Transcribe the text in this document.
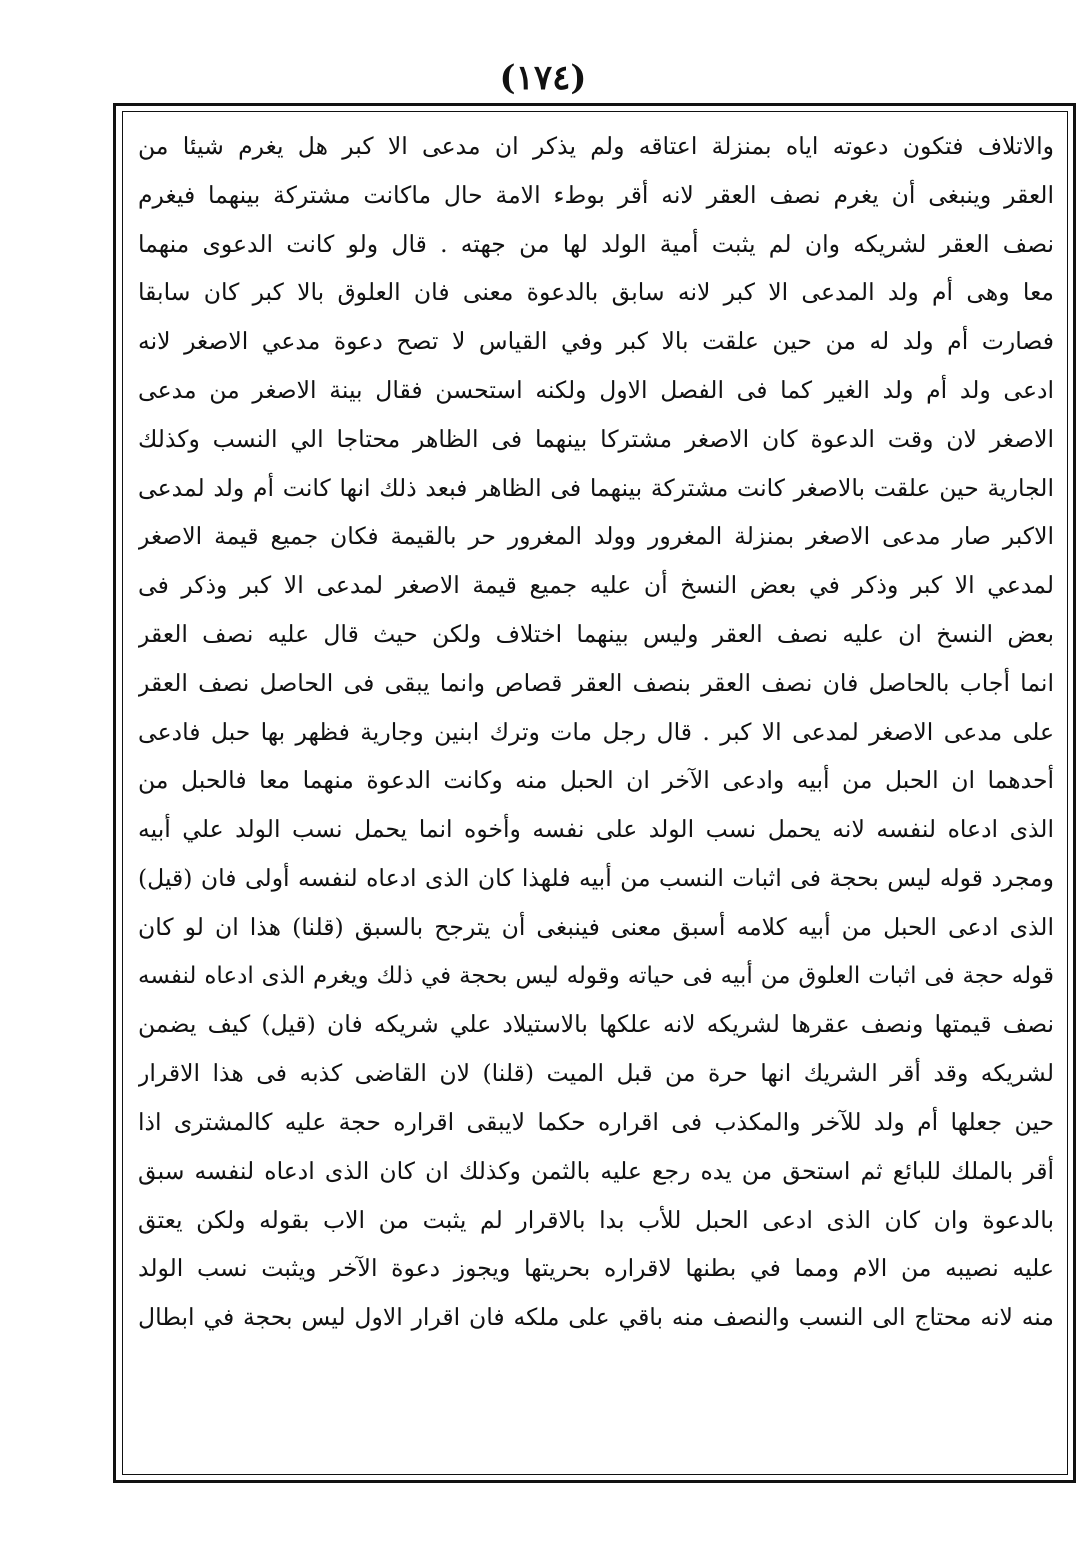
(١٧٤)
والاتلاف فتكون دعوته اياه بمنزلة اعتاقه ولم يذكر ان مدعى الا كبر هل يغرم شيئا من
العقر وينبغى أن يغرم نصف العقر لانه أقر بوطء الامة حال ماكانت مشتركة بينهما فيغرم
نصف العقر لشريكه وان لم يثبت أمية الولد لها من جهته . قال ولو كانت الدعوى منهما
معا وهى أم ولد المدعى الا كبر لانه سابق بالدعوة معنى فان العلوق بالا كبر كان سابقا
فصارت أم ولد له من حين علقت بالا كبر وفي القياس لا تصح دعوة مدعي الاصغر لانه
ادعى ولد أم ولد الغير كما فى الفصل الاول ولكنه استحسن فقال بينة الاصغر من مدعى
الاصغر لان وقت الدعوة كان الاصغر مشتركا بينهما فى الظاهر محتاجا الي النسب وكذلك
الجارية حين علقت بالاصغر كانت مشتركة بينهما فى الظاهر فبعد ذلك انها كانت أم ولد لمدعى
الاكبر صار مدعى الاصغر بمنزلة المغرور وولد المغرور حر بالقيمة فكان جميع قيمة الاصغر
لمدعي الا كبر وذكر في بعض النسخ أن عليه جميع قيمة الاصغر لمدعى الا كبر وذكر فى
بعض النسخ ان عليه نصف العقر وليس بينهما اختلاف ولكن حيث قال عليه نصف العقر
انما أجاب بالحاصل فان نصف العقر بنصف العقر قصاص وانما يبقى فى الحاصل نصف العقر
على مدعى الاصغر لمدعى الا كبر . قال رجل مات وترك ابنين وجارية فظهر بها حبل فادعى
أحدهما ان الحبل من أبيه وادعى الآخر ان الحبل منه وكانت الدعوة منهما معا فالحبل من
الذى ادعاه لنفسه لانه يحمل نسب الولد على نفسه وأخوه انما يحمل نسب الولد علي أبيه
ومجرد قوله ليس بحجة فى اثبات النسب من أبيه فلهذا كان الذى ادعاه لنفسه أولى فان (قيل)
الذى ادعى الحبل من أبيه كلامه أسبق معنى فينبغى أن يترجح بالسبق (قلنا) هذا ان لو كان
قوله حجة فى اثبات العلوق من أبيه فى حياته وقوله ليس بحجة في ذلك ويغرم الذى ادعاه لنفسه
نصف قيمتها ونصف عقرها لشريكه لانه علكها بالاستيلاد علي شريكه فان (قيل) كيف يضمن
لشريكه وقد أقر الشريك انها حرة من قبل الميت (قلنا) لان القاضى كذبه فى هذا الاقرار
حين جعلها أم ولد للآخر والمكذب فى اقراره حكما لايبقى اقراره حجة عليه كالمشترى اذا
أقر بالملك للبائع ثم استحق من يده رجع عليه بالثمن وكذلك ان كان الذى ادعاه لنفسه سبق
بالدعوة وان كان الذى ادعى الحبل للأب بدا بالاقرار لم يثبت من الاب بقوله ولكن يعتق
عليه نصيبه من الام ومما في بطنها لاقراره بحريتها ويجوز دعوة الآخر ويثبت نسب الولد
منه لانه محتاج الى النسب والنصف منه باقي على ملكه فان اقرار الاول ليس بحجة في ابطال
